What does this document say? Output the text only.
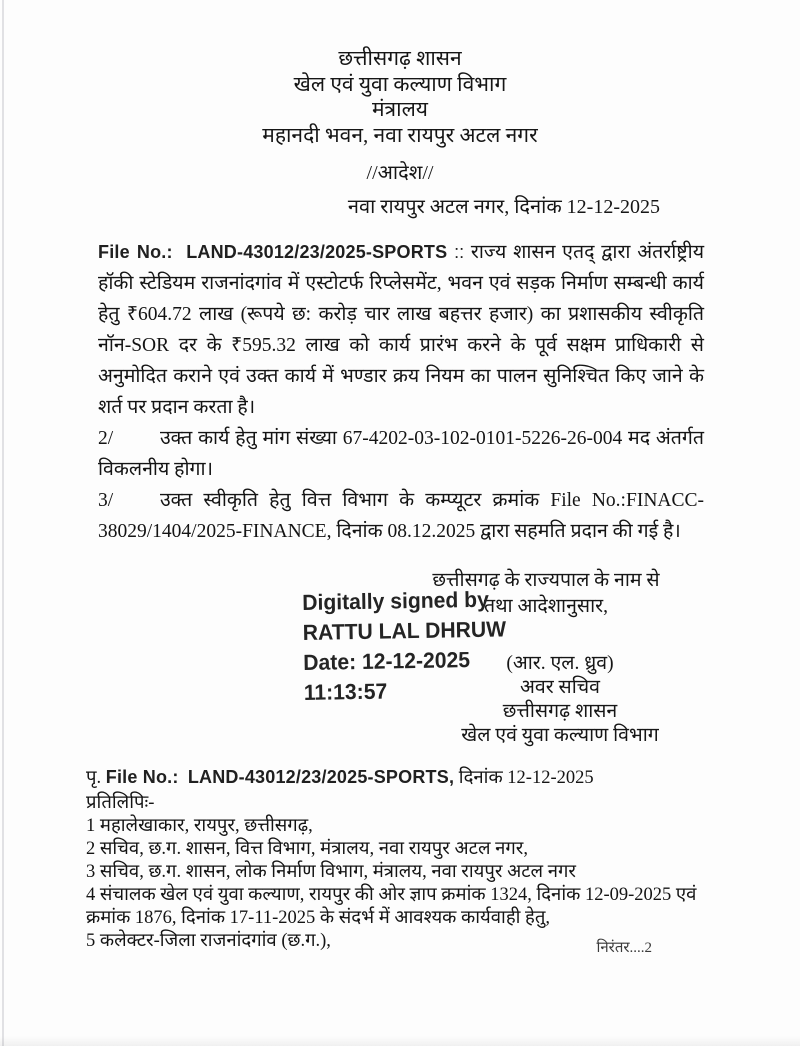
छत्तीसगढ़ शासन
खेल एवं युवा कल्याण विभाग
मंत्रालय
महानदी भवन, नवा रायपुर अटल नगर
//आदेश//
नवा रायपुर अटल नगर, दिनांक 12-12-2025

File No.: LAND-43012/23/2025-SPORTS :: राज्य शासन एतद् द्वारा अंतर्राष्ट्रीय हॉकी स्टेडियम राजनांदगांव में एस्टोटर्फ रिप्लेसमेंट, भवन एवं सड़क निर्माण सम्बन्धी कार्य हेतु ₹604.72 लाख (रूपये छ: करोड़ चार लाख बहत्तर हजार) का प्रशासकीय स्वीकृति नॉन-SOR दर के ₹595.32 लाख को कार्य प्रारंभ करने के पूर्व सक्षम प्राधिकारी से अनुमोदित कराने एवं उक्त कार्य में भण्डार क्रय नियम का पालन सुनिश्चित किए जाने के शर्त पर प्रदान करता है।

2/ उक्त कार्य हेतु मांग संख्या 67-4202-03-102-0101-5226-26-004 मद अंतर्गत विकलनीय होगा।

3/ उक्त स्वीकृति हेतु वित्त विभाग के कम्प्यूटर क्रमांक File No.:FINACC-38029/1404/2025-FINANCE, दिनांक 08.12.2025 द्वारा सहमति प्रदान की गई है।

छत्तीसगढ़ के राज्यपाल के नाम से
तथा आदेशानुसार,
Digitally signed by
RATTU LAL DHRUW
Date: 12-12-2025
11:13:57
(आर. एल. ध्रुव)
अवर सचिव
छत्तीसगढ़ शासन
खेल एवं युवा कल्याण विभाग
पृ. File No.: LAND-43012/23/2025-SPORTS, दिनांक 12-12-2025
प्रतिलिपिः-
1 महालेखाकार, रायपुर, छत्तीसगढ़,
2 सचिव, छ.ग. शासन, वित्त विभाग, मंत्रालय, नवा रायपुर अटल नगर,
3 सचिव, छ.ग. शासन, लोक निर्माण विभाग, मंत्रालय, नवा रायपुर अटल नगर
4 संचालक खेल एवं युवा कल्याण, रायपुर की ओर ज्ञाप क्रमांक 1324, दिनांक 12-09-2025 एवं क्रमांक 1876, दिनांक 17-11-2025 के संदर्भ में आवश्यक कार्यवाही हेतु,
5 कलेक्टर-जिला राजनांदगांव (छ.ग.),	निरंतर....2
